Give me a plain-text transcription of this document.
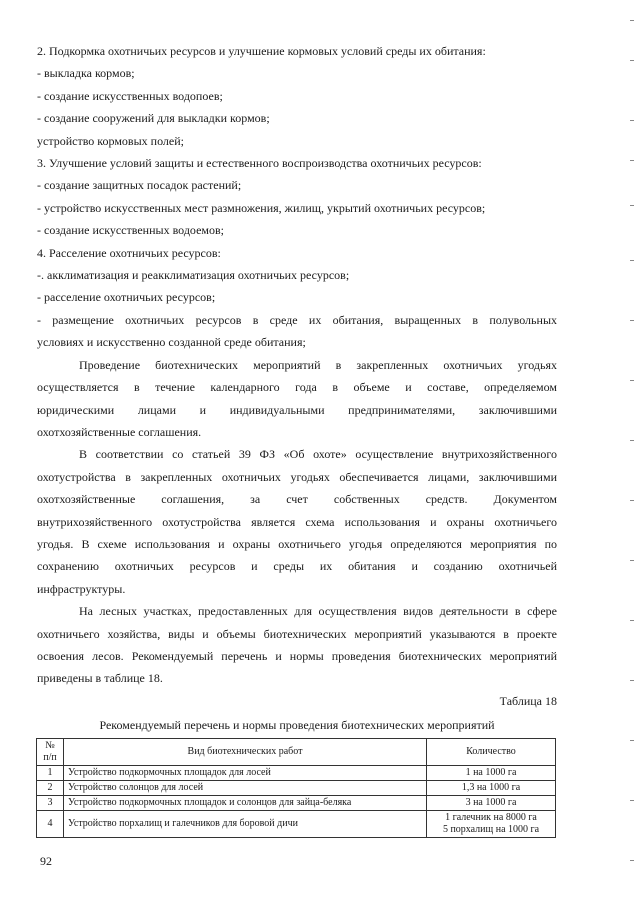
2. Подкормка охотничьих ресурсов и улучшение кормовых условий среды их обитания:

- выкладка кормов;

- создание искусственных водопоев;

- создание сооружений для выкладки кормов;

устройство кормовых полей;

3. Улучшение условий защиты и естественного воспроизводства охотничьих ресурсов:

- создание защитных посадок растений;

- устройство искусственных мест размножения, жилищ, укрытий охотничьих ресурсов;

- создание искусственных водоемов;

4. Расселение охотничьих ресурсов:

-. акклиматизация и реакклиматизация охотничьих ресурсов;

- расселение охотничьих ресурсов;

- размещение охотничьих ресурсов в среде их обитания, выращенных в полувольных

условиях и искусственно созданной среде обитания;

Проведение биотехнических мероприятий в закрепленных охотничьих угодьях

осуществляется в течение календарного года в объеме и составе, определяемом

юридическими лицами и индивидуальными предпринимателями, заключившими

охотхозяйственные соглашения.

В соответствии со статьей 39 ФЗ «Об охоте» осуществление внутрихозяйственного

охотустройства в закрепленных охотничьих угодьях обеспечивается лицами, заключившими

охотхозяйственные соглашения, за счет собственных средств. Документом

внутрихозяйственного охотустройства является схема использования и охраны охотничьего

угодья. В схеме использования и охраны охотничьего угодья определяются мероприятия по

сохранению охотничьих ресурсов и среды их обитания и созданию охотничьей

инфраструктуры.

На лесных участках, предоставленных для осуществления видов деятельности в сфере

охотничьего хозяйства, виды и объемы биотехнических мероприятий указываются в проекте

освоения лесов. Рекомендуемый перечень и нормы проведения биотехнических мероприятий

приведены в таблице 18.

Таблица 18

Рекомендуемый перечень и нормы проведения биотехнических мероприятий

№ п/п	Вид биотехнических работ	Количество
1	Устройство подкормочных площадок для лосей	1 на 1000 га
2	Устройство солонцов для лосей	1,3 на 1000 га
3	Устройство подкормочных площадок и солонцов для зайца-беляка	3 на 1000 га
4	Устройство порхалищ и галечников для боровой дичи	1 галечник на 8000 га
5 порхалищ на 1000 га
92
